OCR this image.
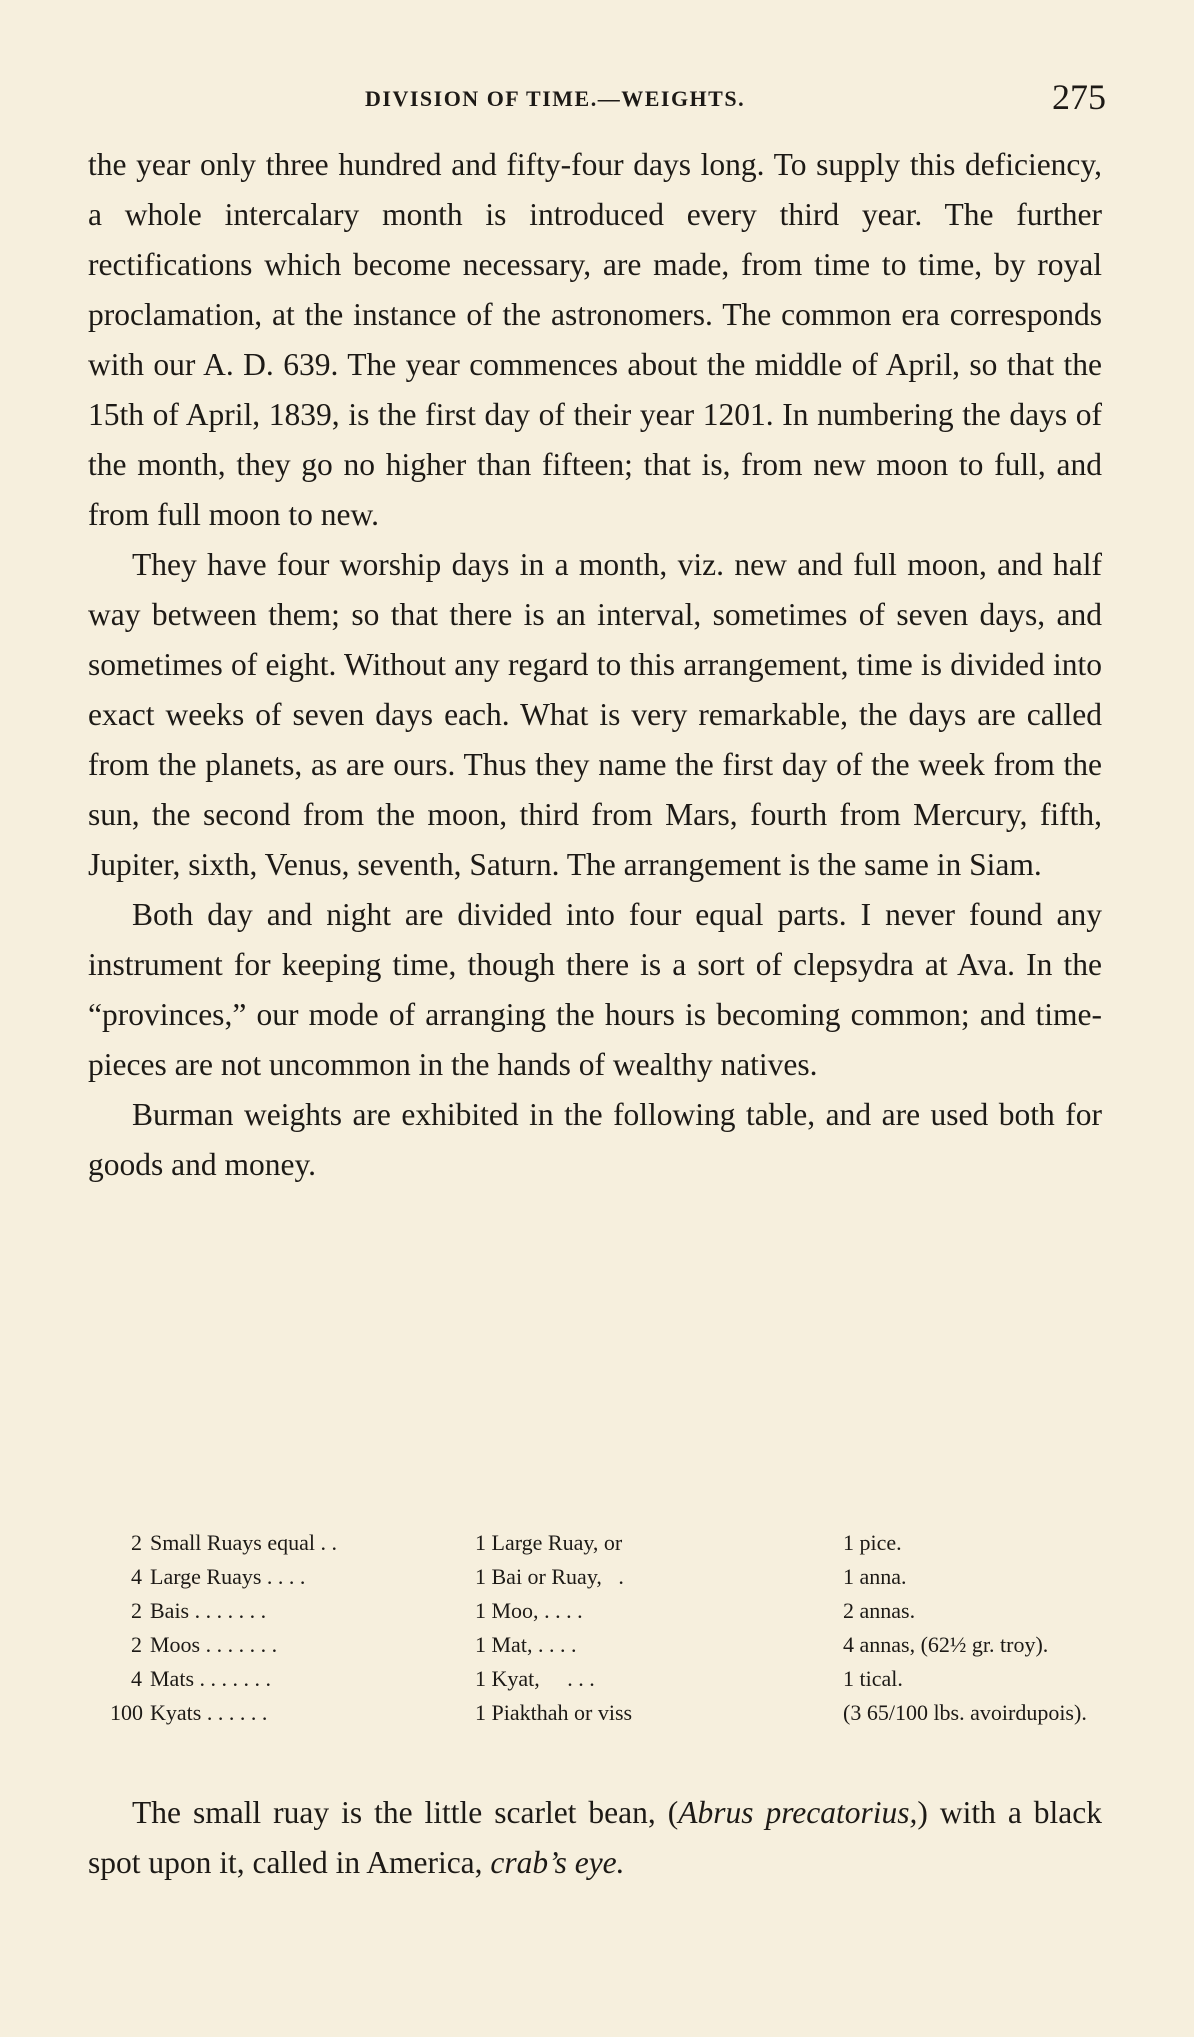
DIVISION OF TIME.—WEIGHTS.	275

the year only three hundred and fifty-four days long. To supply this deficiency, a whole intercalary month is introduced every third year. The further rectifications which become necessary, are made, from time to time, by royal proclamation, at the instance of the astronomers. The common era corresponds with our A. D. 639. The year commences about the middle of April, so that the 15th of April, 1839, is the first day of their year 1201. In numbering the days of the month, they go no higher than fifteen; that is, from new moon to full, and from full moon to new.

They have four worship days in a month, viz. new and full moon, and half way between them; so that there is an interval, sometimes of seven days, and sometimes of eight. Without any regard to this arrangement, time is divided into exact weeks of seven days each. What is very remarkable, the days are called from the planets, as are ours. Thus they name the first day of the week from the sun, the second from the moon, third from Mars, fourth from Mercury, fifth, Jupiter, sixth, Venus, seventh, Saturn. The arrangement is the same in Siam.

Both day and night are divided into four equal parts. I never found any instrument for keeping time, though there is a sort of clepsydra at Ava. In the “provinces,” our mode of arranging the hours is becoming common; and time-pieces are not uncommon in the hands of wealthy natives.

Burman weights are exhibited in the following table, and are used both for goods and money.

2 Small Ruays equal . .	1 Large Ruay, or	1 pice.
4 Large Ruays . . . .	1 Bai or Ruay,   .	1 anna.
2 Bais . . . . . . .	1 Moo, . . . .	2 annas.
2 Moos . . . . . . .	1 Mat, . . . .	4 annas, (62½ gr. troy).
4 Mats . . . . . . .	1 Kyat,     . . .	1 tical.
100 Kyats . . . . . .	1 Piakthah or viss	(3 65/100 lbs. avoirdupois).

The small ruay is the little scarlet bean, (Abrus precatorius,) with a black spot upon it, called in America, crab’s eye.
